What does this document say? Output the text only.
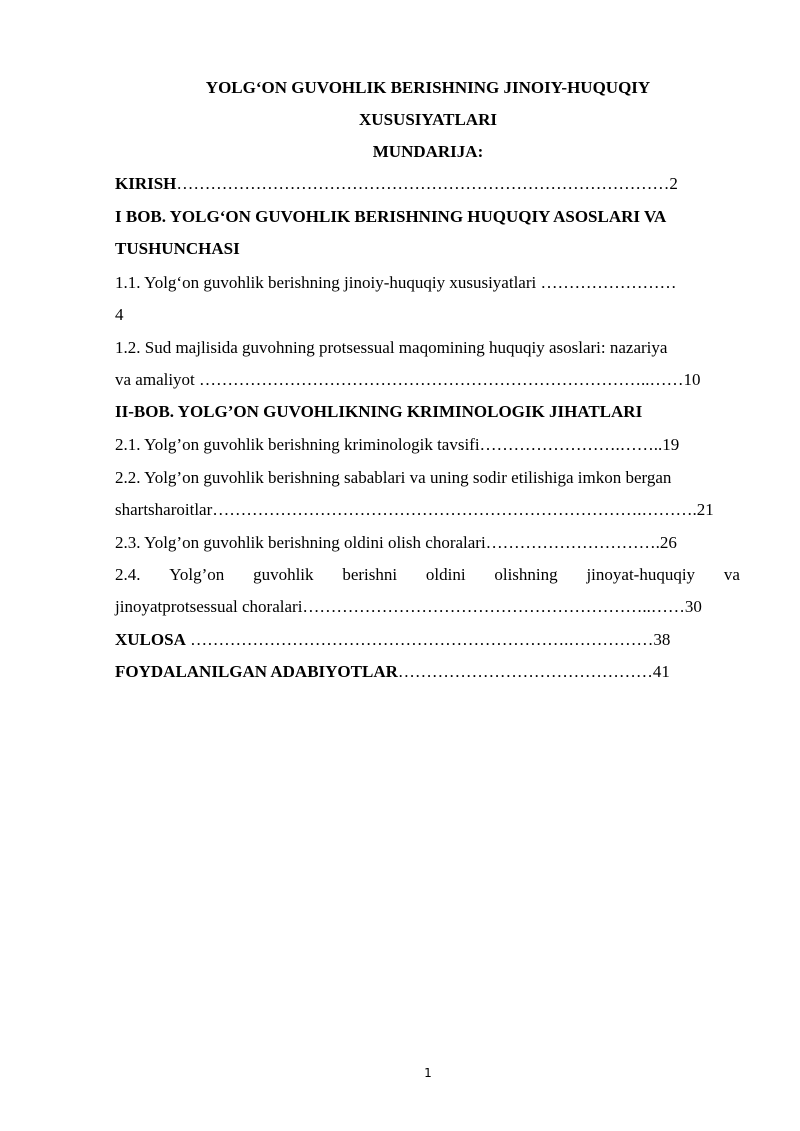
YOLG‘ON GUVOHLIK BERISHNING JINOIY-HUQUQIY
XUSUSIYATLARI
MUNDARIJA:
KIRISH……………………………………………………………………………2
I BOB. YOLG‘ON GUVOHLIK BERISHNING HUQUQIY ASOSLARI VA
TUSHUNCHASI
1.1. Yolg‘on guvohlik berishning jinoiy-huquqiy xususiyatlari ……………………
4
1.2. Sud majlisida guvohning protsessual maqomining huquqiy asoslari: nazariya
va amaliyot ……………………………………………………………………..……10
II-BOB. YOLG’ON GUVOHLIKNING KRIMINOLOGIK JIHATLARI
2.1. Yolg’on guvohlik berishning kriminologik tavsifi…………………….……..19
2.2. Yolg’on guvohlik berishning sabablari va uning sodir etilishiga imkon bergan
shartsharoitlar………………………………………………………………….……….21
2.3. Yolg’on guvohlik berishning oldini olish choralari………………………….26
2.4. Yolg’on guvohlik berishni oldini olishning jinoyat-huquqiy va
jinoyatprotsessual choralari……………………………………………………..……30
XULOSA ………………………………………………………….……………38
FOYDALANILGAN ADABIYOTLAR………………………………………41
1
